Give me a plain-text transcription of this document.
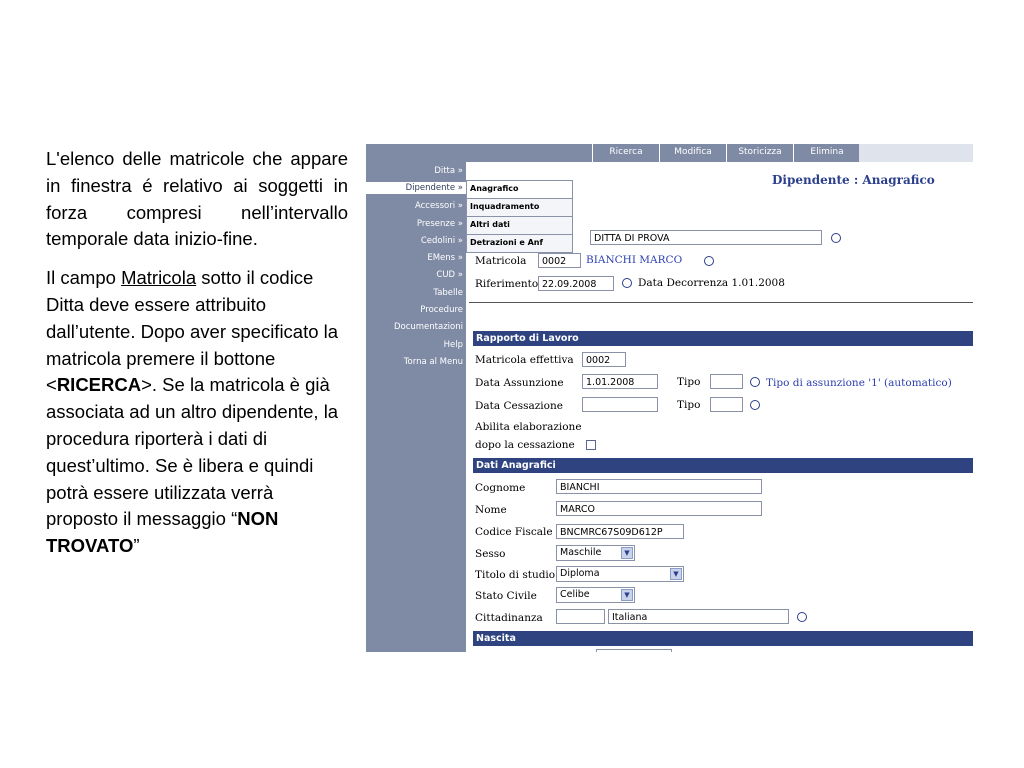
L'elenco delle matricole che appare in finestra é relativo ai soggetti in forza compresi nell’intervallo temporale data inizio-fine.

Il campo Matricola sotto il codice Ditta deve essere attribuito dall’utente. Dopo aver specificato la matricola premere il bottone <RICERCA>. Se la matricola è già associata ad un altro dipendente, la procedura riporterà i dati di quest’ultimo. Se è libera e quindi potrà essere utilizzata verrà proposto il messaggio “NON TROVATO”

Ricerca	Modifica	Storicizza	Elimina
Ditta »
Dipendente »
Accessori »
Presenze »
Cedolini »
EMens »
CUD »
Tabelle
Procedure
Documentazioni
Help
Torna al Menu
Dipendente : Anagrafico
DITTA DI PROVA
Matricola	0002	BIANCHI MARCO
Riferimento 22.09.2008	Data Decorrenza 1.01.2008
Rapporto di Lavoro
Matricola effettiva	0002
Data Assunzione	1.01.2008	Tipo	Tipo di assunzione '1' (automatico)
Data Cessazione	Tipo
Abilita elaborazione
dopo la cessazione
Dati Anagrafici
Cognome	BIANCHI
Nome	MARCO
Codice Fiscale BNCMRC67S09D612P
Sesso	Maschile	▼
Titolo di studio Diploma	▼
Stato Civile	Celibe	▼
Cittadinanza	Italiana
Nascita
Anagrafico
Inquadramento
Altri dati
Detrazioni e Anf
